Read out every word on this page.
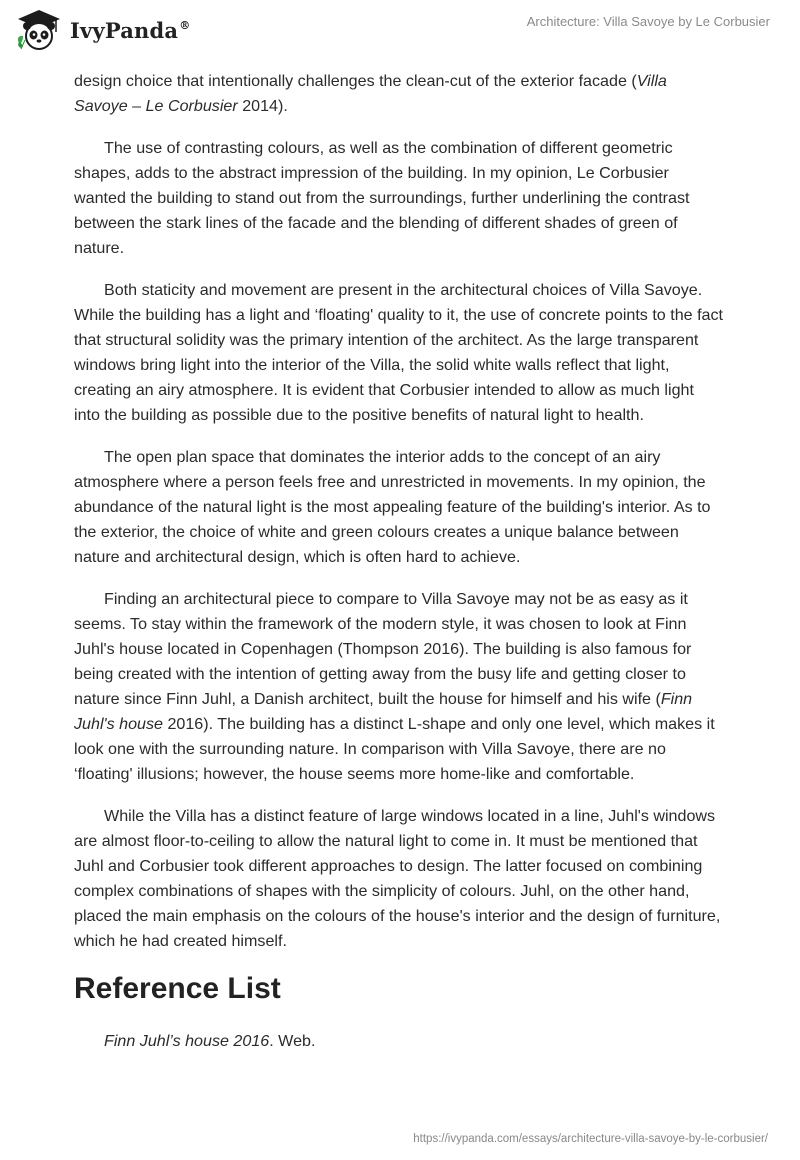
IvyPanda®	Architecture: Villa Savoye by Le Corbusier

design choice that intentionally challenges the clean-cut of the exterior facade (Villa Savoye – Le Corbusier 2014).

The use of contrasting colours, as well as the combination of different geometric shapes, adds to the abstract impression of the building. In my opinion, Le Corbusier wanted the building to stand out from the surroundings, further underlining the contrast between the stark lines of the facade and the blending of different shades of green of nature.

Both staticity and movement are present in the architectural choices of Villa Savoye. While the building has a light and ‘floating' quality to it, the use of concrete points to the fact that structural solidity was the primary intention of the architect. As the large transparent windows bring light into the interior of the Villa, the solid white walls reflect that light, creating an airy atmosphere. It is evident that Corbusier intended to allow as much light into the building as possible due to the positive benefits of natural light to health.

The open plan space that dominates the interior adds to the concept of an airy atmosphere where a person feels free and unrestricted in movements. In my opinion, the abundance of the natural light is the most appealing feature of the building's interior. As to the exterior, the choice of white and green colours creates a unique balance between nature and architectural design, which is often hard to achieve.

Finding an architectural piece to compare to Villa Savoye may not be as easy as it seems. To stay within the framework of the modern style, it was chosen to look at Finn Juhl's house located in Copenhagen (Thompson 2016). The building is also famous for being created with the intention of getting away from the busy life and getting closer to nature since Finn Juhl, a Danish architect, built the house for himself and his wife (Finn Juhl's house 2016). The building has a distinct L-shape and only one level, which makes it look one with the surrounding nature. In comparison with Villa Savoye, there are no ‘floating' illusions; however, the house seems more home-like and comfortable.

While the Villa has a distinct feature of large windows located in a line, Juhl's windows are almost floor-to-ceiling to allow the natural light to come in. It must be mentioned that Juhl and Corbusier took different approaches to design. The latter focused on combining complex combinations of shapes with the simplicity of colours. Juhl, on the other hand, placed the main emphasis on the colours of the house's interior and the design of furniture, which he had created himself.

Reference List

Finn Juhl’s house 2016. Web.

https://ivypanda.com/essays/architecture-villa-savoye-by-le-corbusier/
